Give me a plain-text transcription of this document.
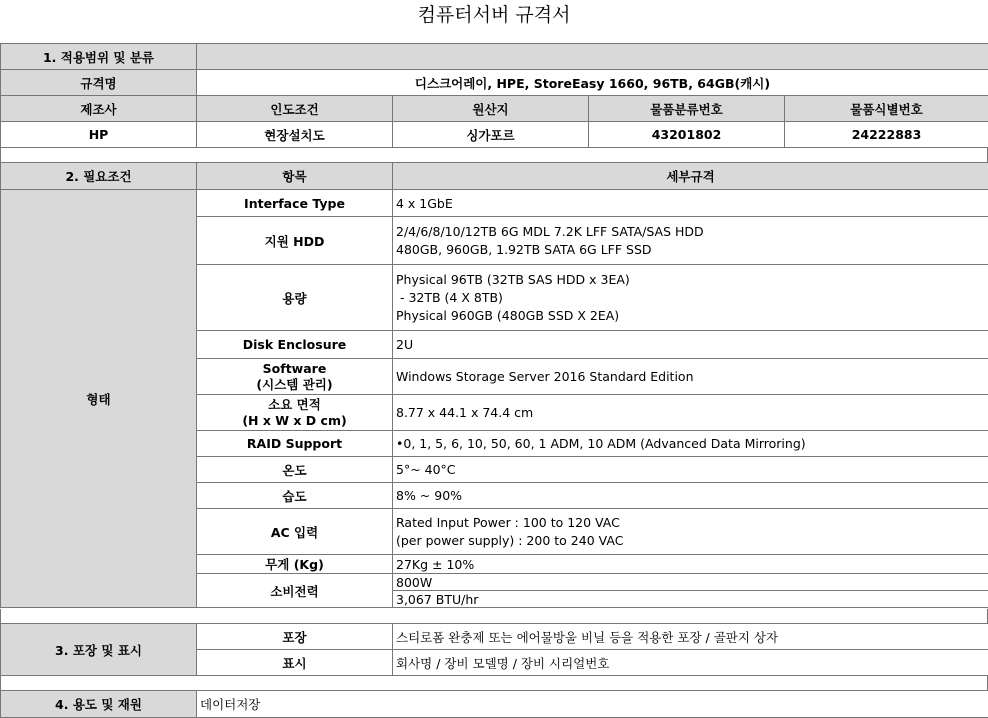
컴퓨터서버 규격서
1. 적용범위 및 분류				
규격명	디스크어레이, HPE, StoreEasy 1660, 96TB, 64GB(캐시)			
제조사	인도조건	원산지	물품분류번호	물품식별번호
HP	현장설치도	싱가포르	43201802	24222883
2. 필요조건	항목	세부규격
형태	Interface Type	4 x 1GbE

	지원 HDD	2/4/6/8/10/12TB 6G MDL 7.2K LFF SATA/SAS HDD
480GB, 960GB, 1.92TB SATA 6G LFF SSD

	용량	Physical 96TB (32TB SAS HDD x 3EA)
- 32TB (4 X 8TB)
Physical 960GB (480GB SSD X 2EA)

	Disk Enclosure	2U

	Software
(시스템 관리)	Windows Storage Server 2016 Standard Edition

	소요 면적
(H x W x D cm)	8.77 x 44.1 x 74.4 cm

	RAID Support	•0, 1, 5, 6, 10, 50, 60, 1 ADM, 10 ADM (Advanced Data Mirroring)

	온도	5°~ 40°C

	습도	8% ~ 90%

	AC 입력	Rated Input Power : 100 to 120 VAC
(per power supply) : 200 to 240 VAC

	무게 (Kg)	27Kg ± 10%

	소비전력	800W
		3,067 BTU/hr
3. 포장 및 표시	포장	스티로폼 완충제 또는 에어물방울 비닐 등을 적용한 포장 / 골판지 상자
	표시	회사명 / 장비 모델명 / 장비 시리얼번호
4. 용도 및 재원	데이터저장
